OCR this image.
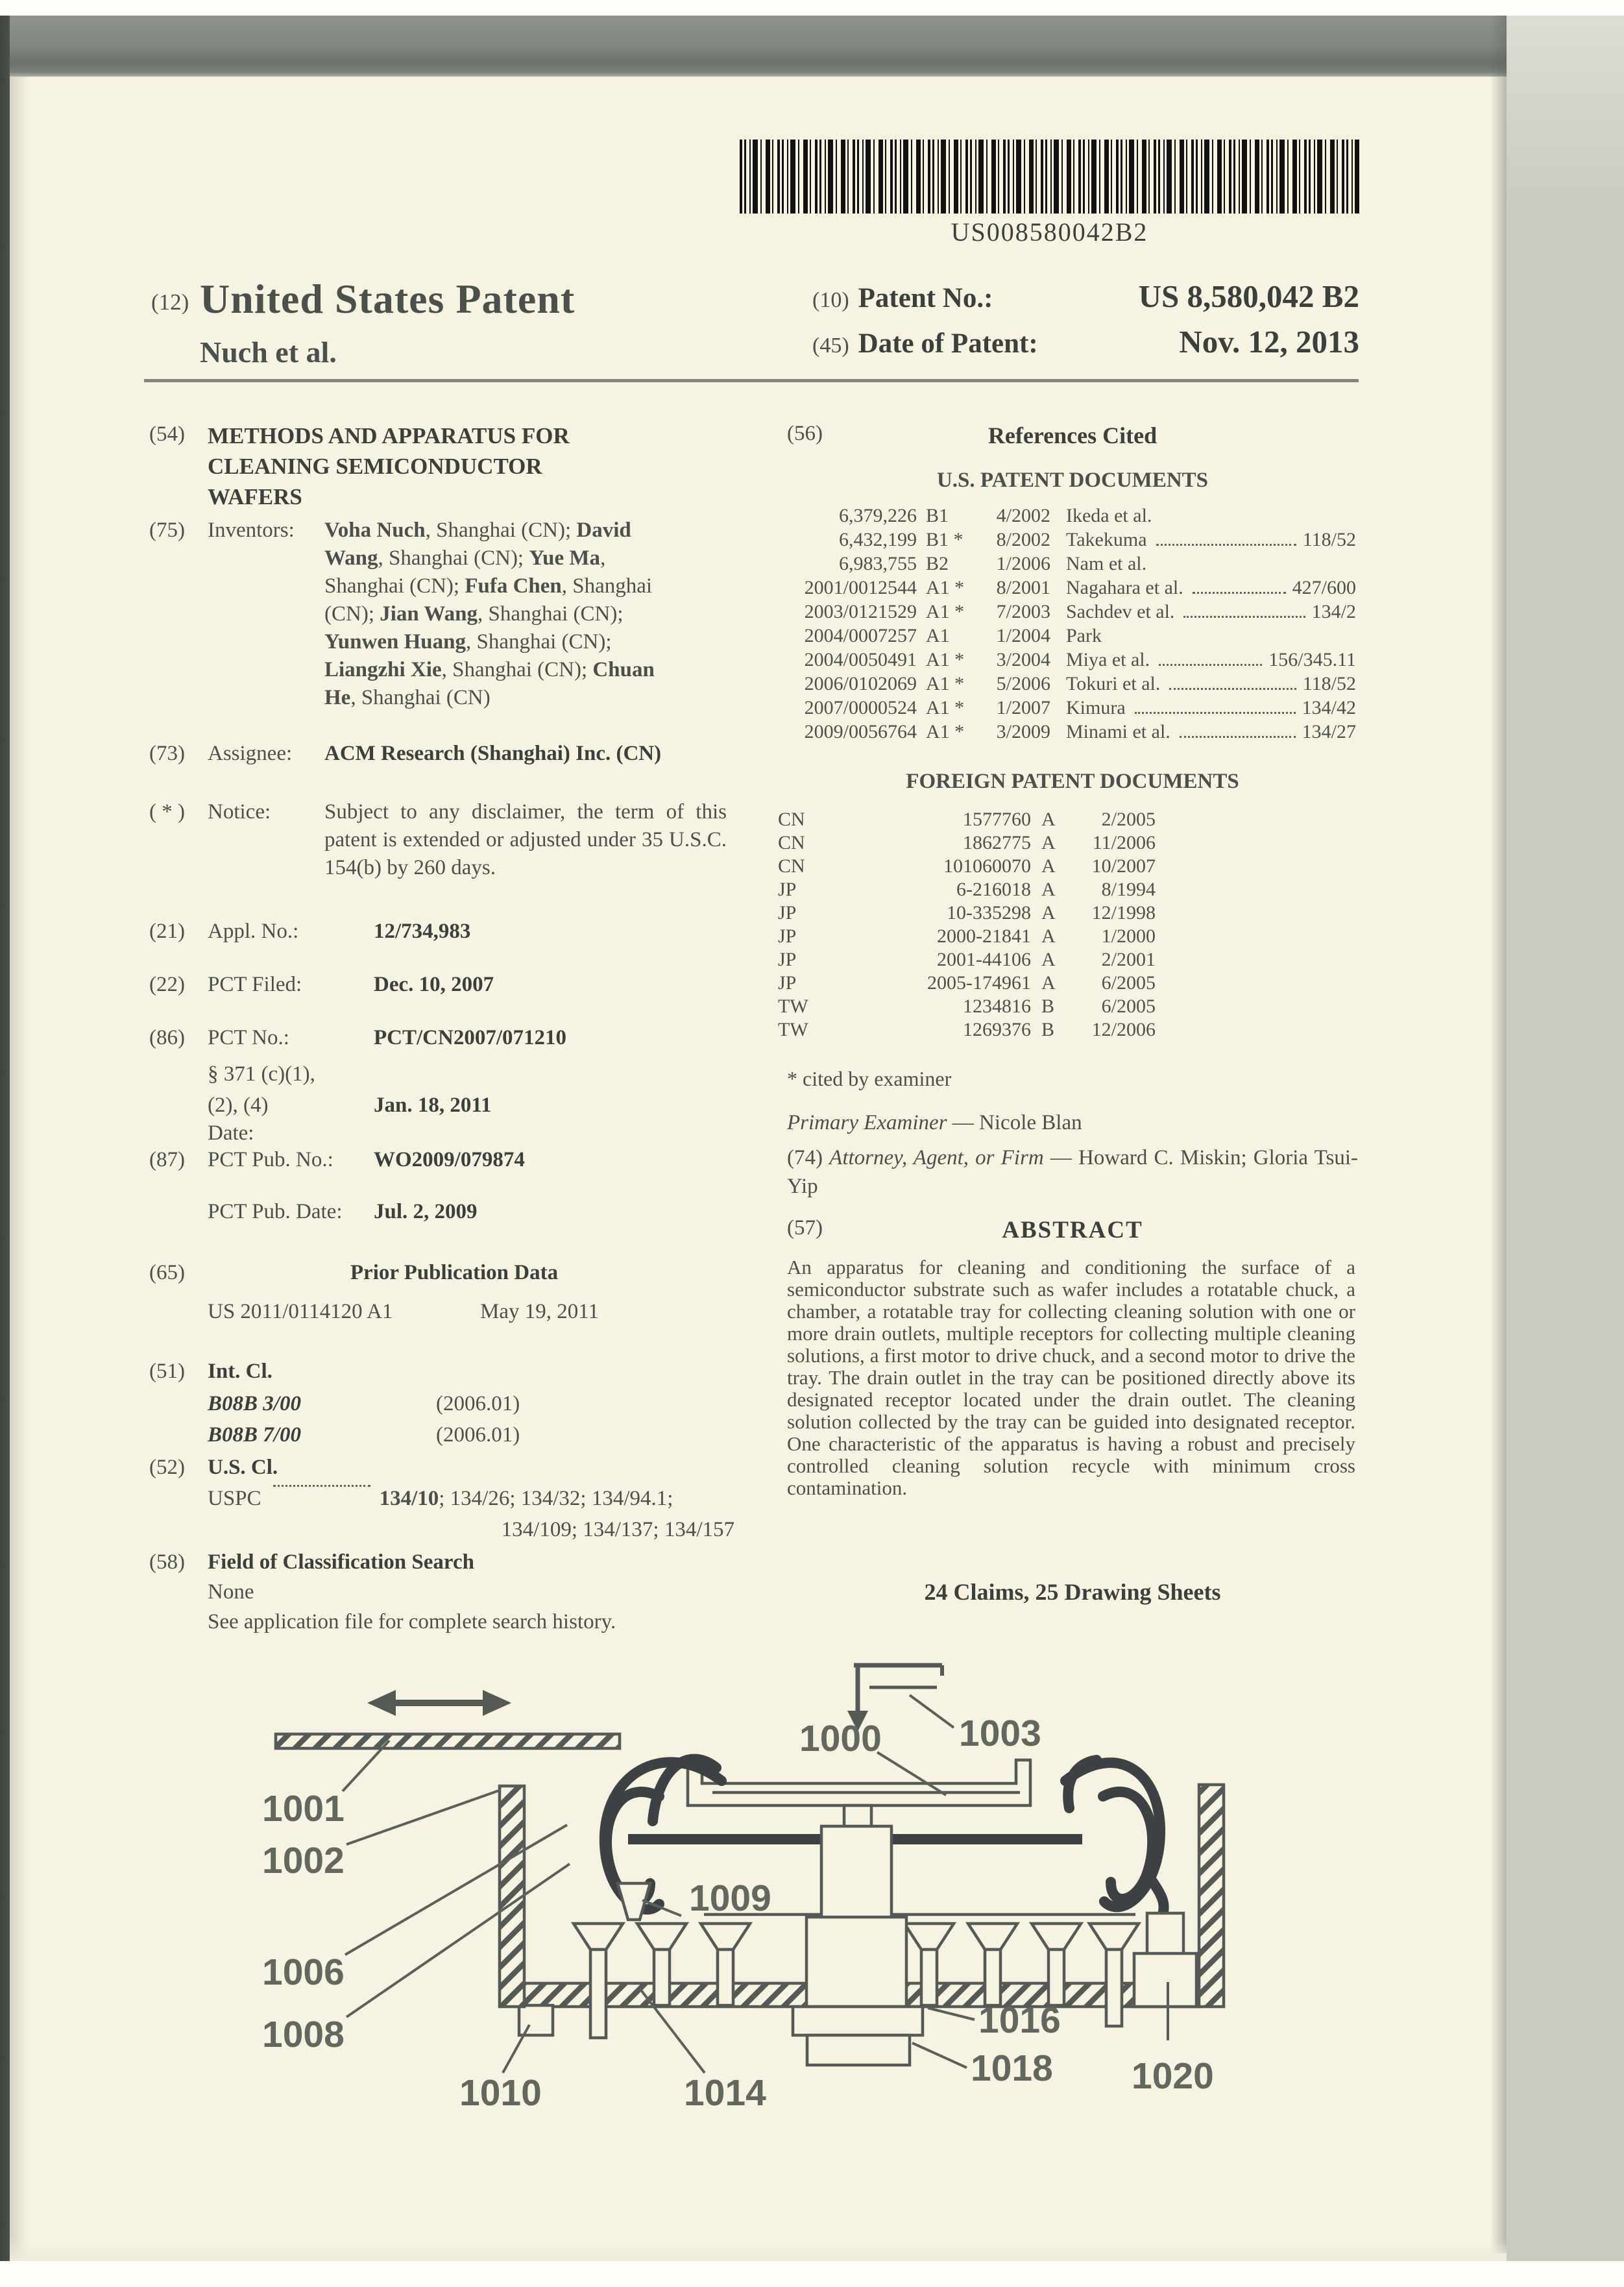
US008580042B2
(12) United States Patent
Nuch et al.
(10) Patent No.:	US 8,580,042 B2
(45) Date of Patent:	Nov. 12, 2013
(54)	METHODS AND APPARATUS FOR CLEANING SEMICONDUCTOR WAFERS
(75)	Inventors:	Voha Nuch, Shanghai (CN); David Wang, Shanghai (CN); Yue Ma, Shanghai (CN); Fufa Chen, Shanghai (CN); Jian Wang, Shanghai (CN); Yunwen Huang, Shanghai (CN); Liangzhi Xie, Shanghai (CN); Chuan He, Shanghai (CN)
(73)	Assignee:	ACM Research (Shanghai) Inc. (CN)
( * )	Notice:	Subject to any disclaimer, the term of this patent is extended or adjusted under 35 U.S.C. 154(b) by 260 days.
(21)	Appl. No.:	12/734,983
(22)	PCT Filed:	Dec. 10, 2007
(86)	PCT No.:	PCT/CN2007/071210
§ 371 (c)(1),
(2), (4) Date:
Jan. 18, 2011
(87)	PCT Pub. No.:	WO2009/079874
PCT Pub. Date:	Jul. 2, 2009
(65)	Prior Publication Data
US 2011/0114120 A1	May 19, 2011
(51)	Int. Cl.
B08B 3/00	(2006.01)
B08B 7/00	(2006.01)
(52)	U.S. Cl.
USPC	134/10; 134/26; 134/32; 134/94.1;
134/109; 134/137; 134/157
(58)	Field of Classification Search
None
See application file for complete search history.
(56)	References Cited
U.S. PATENT DOCUMENTS
6,379,226 B1	4/2002 Ikeda et al.
6,432,199 B1 *	8/2002 Takekuma	118/52
6,983,755 B2	1/2006 Nam et al.
2001/0012544 A1 *	8/2001 Nagahara et al.	427/600
2003/0121529 A1 *	7/2003 Sachdev et al.	134/2
2004/0007257 A1	1/2004 Park
2004/0050491 A1 *	3/2004 Miya et al.	156/345.11
2006/0102069 A1 *	5/2006 Tokuri et al.	118/52
2007/0000524 A1 *	1/2007 Kimura	134/42
2009/0056764 A1 *	3/2009 Minami et al.	134/27
FOREIGN PATENT DOCUMENTS
CN	1577760 A	2/2005
CN	1862775 A	11/2006
CN	101060070 A	10/2007
JP	6-216018 A	8/1994
JP	10-335298 A	12/1998
JP	2000-21841 A	1/2000
JP	2001-44106 A	2/2001
JP	2005-174961 A	6/2005
TW	1234816 B	6/2005
TW	1269376 B	12/2006
* cited by examiner
Primary Examiner — Nicole Blan
(74) Attorney, Agent, or Firm — Howard C. Miskin; Gloria Tsui-Yip
(57)	ABSTRACT
An apparatus for cleaning and conditioning the surface of a semiconductor substrate such as wafer includes a rotatable chuck, a chamber, a rotatable tray for collecting cleaning solution with one or more drain outlets, multiple receptors for collecting multiple cleaning solutions, a first motor to drive chuck, and a second motor to drive the tray. The drain outlet in the tray can be positioned directly above its designated receptor located under the drain outlet. The cleaning solution collected by the tray can be guided into designated receptor. One characteristic of the apparatus is having a robust and precisely controlled cleaning solution recycle with minimum cross contamination.
24 Claims, 25 Drawing Sheets
1000
1001
1002
1003
1006
1008
1009
1010	1014
1016
1018 1020
